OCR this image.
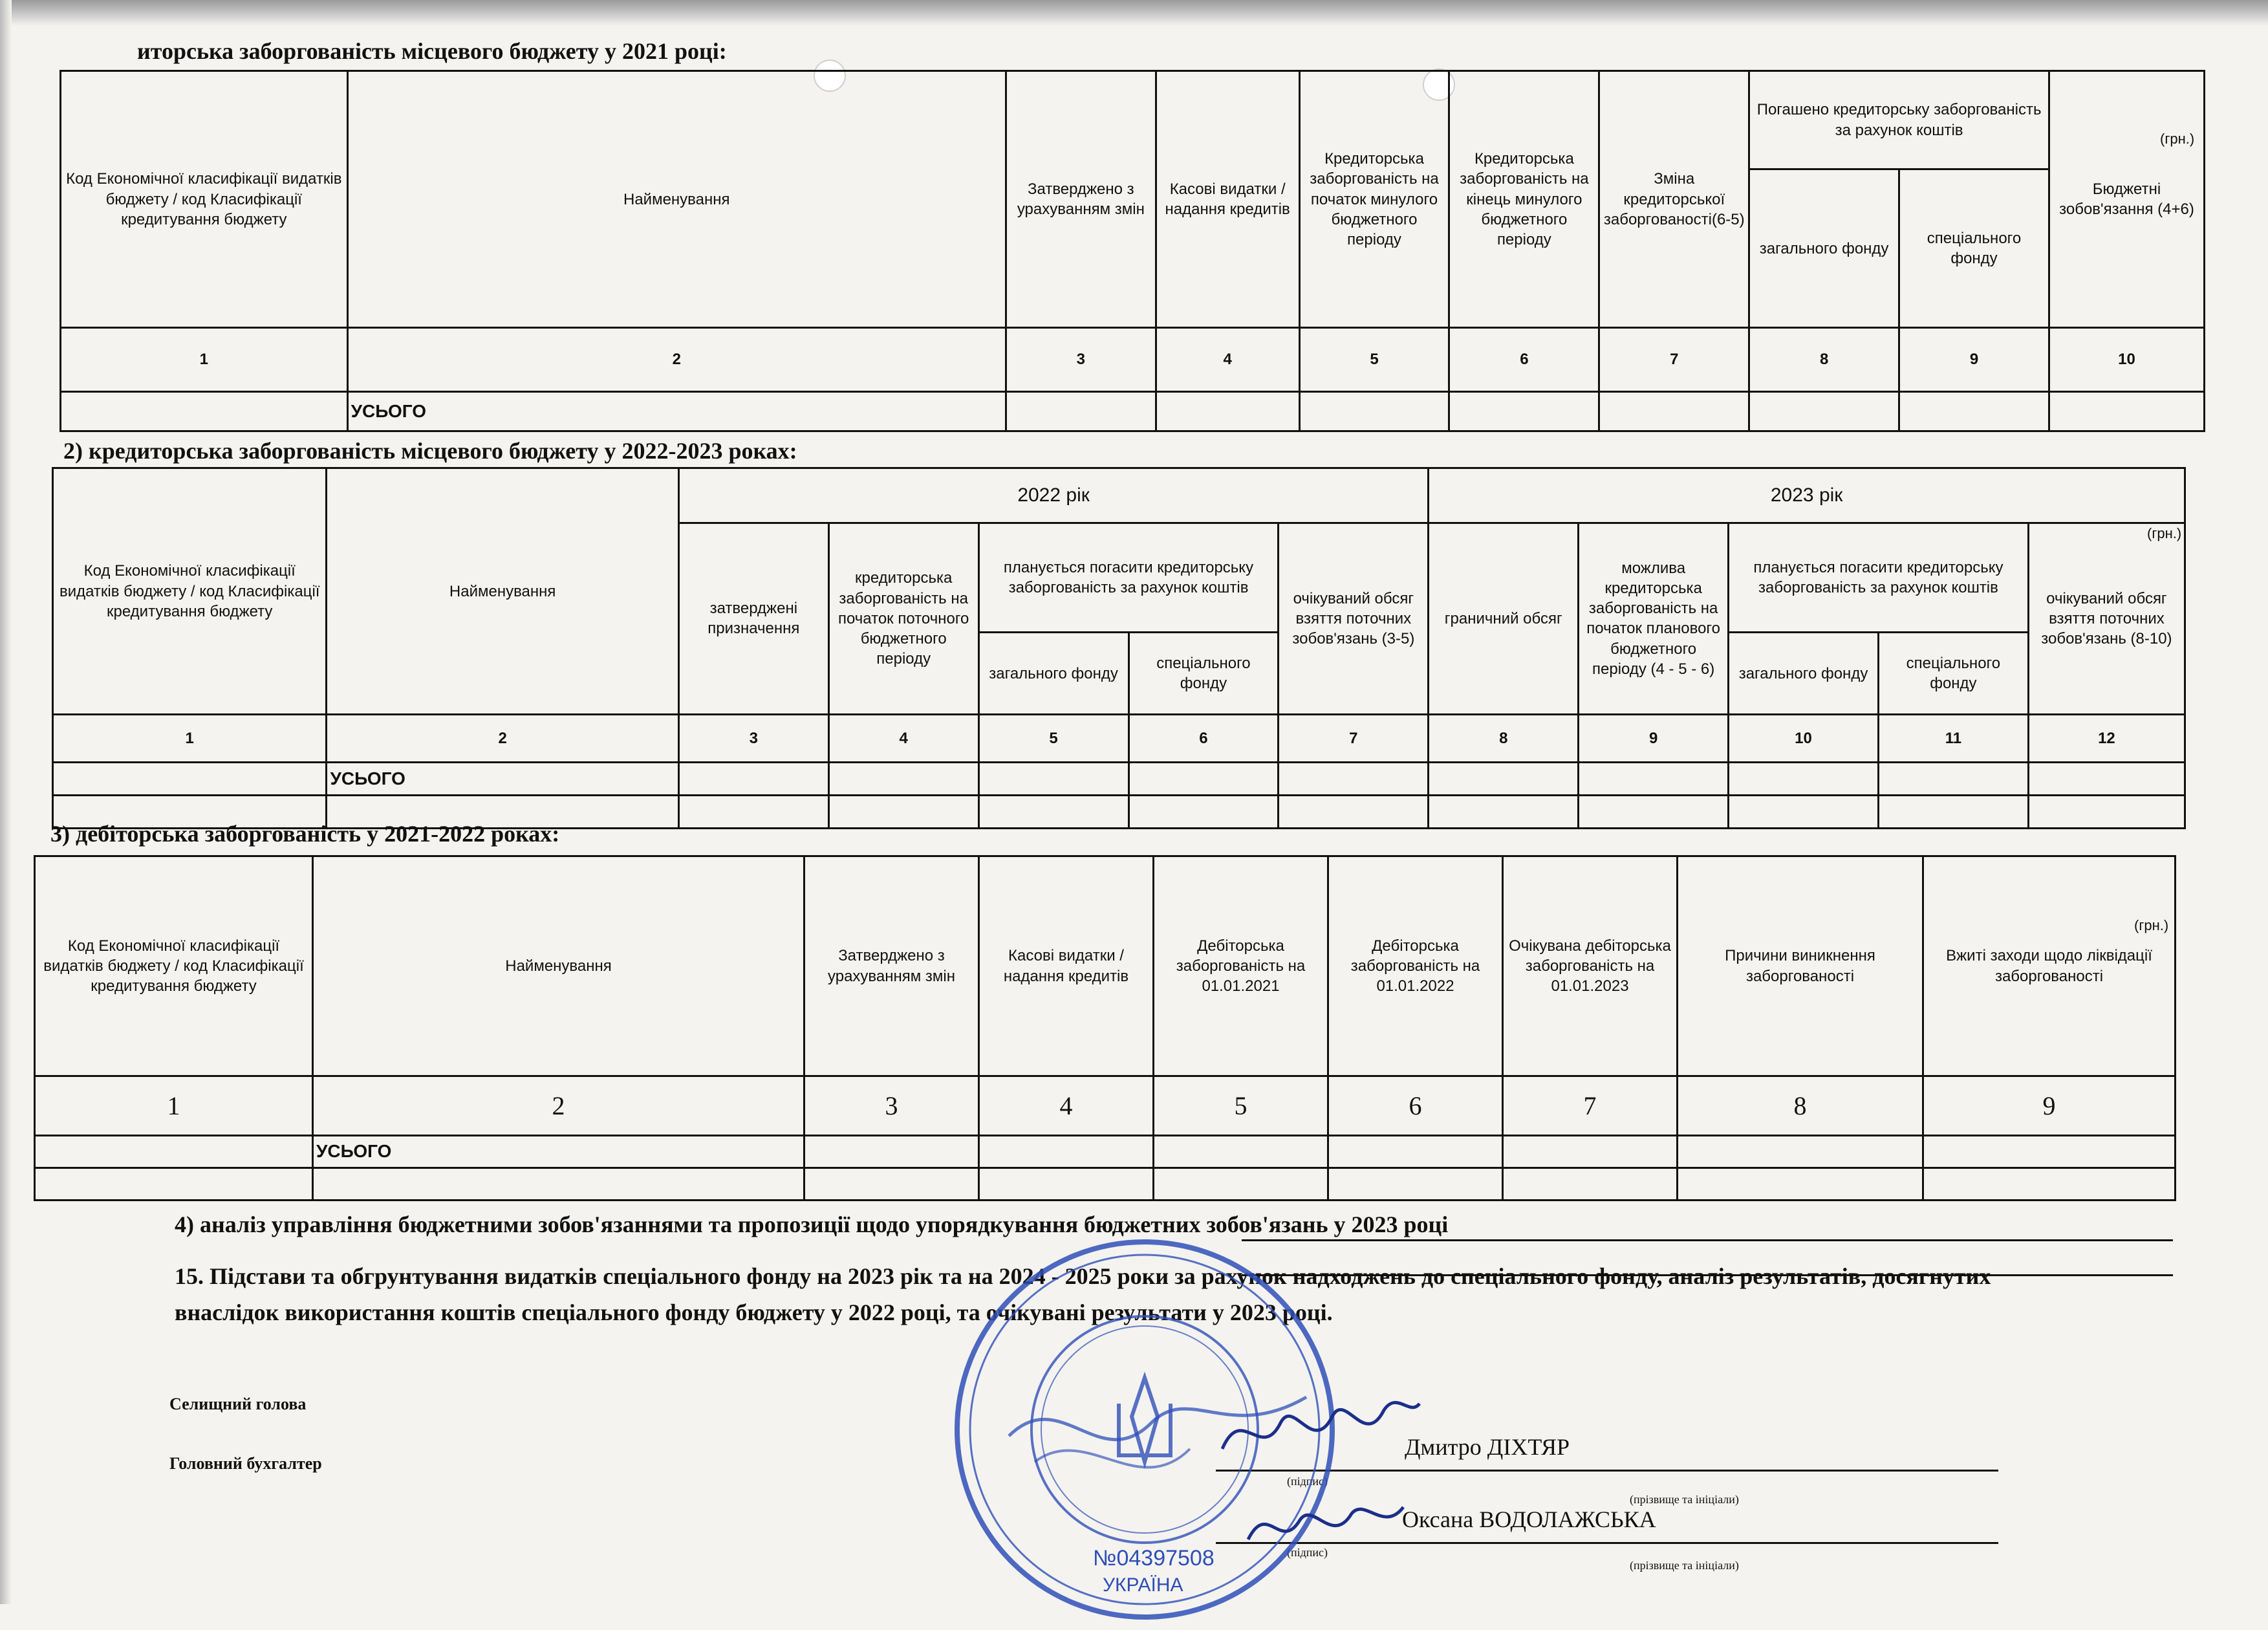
иторська заборгованість місцевого бюджету у 2021 році:
Код Економічної класифікації видатків бюджету / код Класифікації кредитування бюджету	Найменування	Затверджено з урахуванням змін	Касові видатки / надання кредитів	Кредиторська заборгованість на початок минулого бюджетного періоду	Кредиторська заборгованість на кінець минулого бюджетного періоду	Зміна кредиторської заборгованості(6-5)	Погашено кредиторську заборгованість за рахунок коштів		Бюджетні зобов'язання (4+6)
							загального фонду	спеціального фонду	
1	2	3	4	5	6	7	8	9	10
	УСЬОГО								
(грн.)
2) кредиторська заборгованість місцевого бюджету у 2022-2023 роках:
Код Економічної класифікації видатків бюджету / код Класифікації кредитування бюджету	Найменування	2022 рік					2023 рік				
		затверджені призначення	кредиторська заборгованість на початок поточного бюджетного періоду	планується погасити кредиторську заборгованість за рахунок коштів		очікуваний обсяг взяття поточних зобов'язань (3-5)	граничний обсяг	можлива кредиторська заборгованість на початок планового бюджетного періоду (4 - 5 - 6)	планується погасити кредиторську заборгованість за рахунок коштів		очікуваний обсяг взяття поточних зобов'язань (8-10)
				загального фонду	спеціального фонду				загального фонду	спеціального фонду	
1	2	3	4	5	6	7	8	9	10	11	12
	УСЬОГО										

(грн.)
3) дебіторська заборгованість у 2021-2022 роках:
Код Економічної класифікації видатків бюджету / код Класифікації кредитування бюджету	Найменування	Затверджено з урахуванням змін	Касові видатки / надання кредитів	Дебіторська заборгованість на 01.01.2021	Дебіторська заборгованість на 01.01.2022	Очікувана дебіторська заборгованість на 01.01.2023	Причини виникнення заборгованості	Вжиті заходи щодо ліквідації заборгованості
1	2	3	4	5	6	7	8	9
	УСЬОГО							

(грн.)
4) аналіз управління бюджетними зобов'язаннями та пропозиції щодо упорядкування бюджетних зобов'язань у 2023 році
15. Підстави та обгрунтування видатків спеціального фонду на 2023 рік та на 2024 - 2025 роки за рахунок надходжень до спеціального фонду, аналіз результатів, досягнутих
внаслідок використання коштів спеціального фонду бюджету у 2022 році, та очікувані результати у 2023 році.
Селищний голова
Головний бухгалтер
Дмитро ДІХТЯР
(підпис)
(прізвище та ініціали)
Оксана ВОДОЛАЖСЬКА
(підпис)
(прізвище та ініціали)
№04397508
УКРАЇНА
